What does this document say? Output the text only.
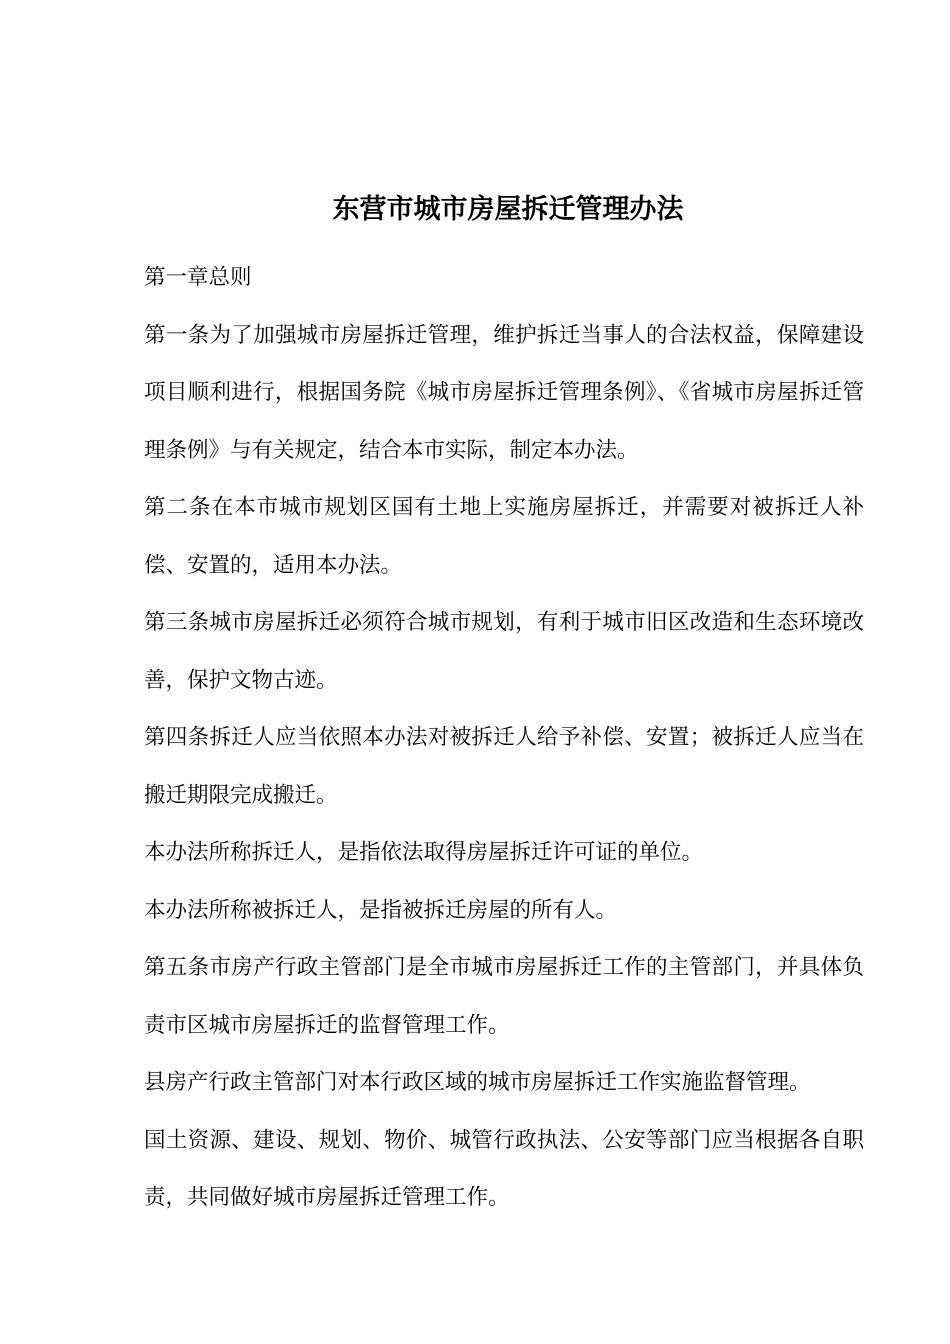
东营市城市房屋拆迁管理办法

第一章总则

第一条为了加强城市房屋拆迁管理，维护拆迁当事人的合法权益，保障建设项目顺利进行，根据国务院《城市房屋拆迁管理条例》、《省城市房屋拆迁管理条例》与有关规定，结合本市实际，制定本办法。

第二条在本市城市规划区国有土地上实施房屋拆迁，并需要对被拆迁人补偿、安置的，适用本办法。

第三条城市房屋拆迁必须符合城市规划，有利于城市旧区改造和生态环境改善，保护文物古迹。

第四条拆迁人应当依照本办法对被拆迁人给予补偿、安置；被拆迁人应当在搬迁期限完成搬迁。

本办法所称拆迁人，是指依法取得房屋拆迁许可证的单位。

本办法所称被拆迁人，是指被拆迁房屋的所有人。

第五条市房产行政主管部门是全市城市房屋拆迁工作的主管部门，并具体负责市区城市房屋拆迁的监督管理工作。

县房产行政主管部门对本行政区域的城市房屋拆迁工作实施监督管理。

国土资源、建设、规划、物价、城管行政执法、公安等部门应当根据各自职责，共同做好城市房屋拆迁管理工作。
